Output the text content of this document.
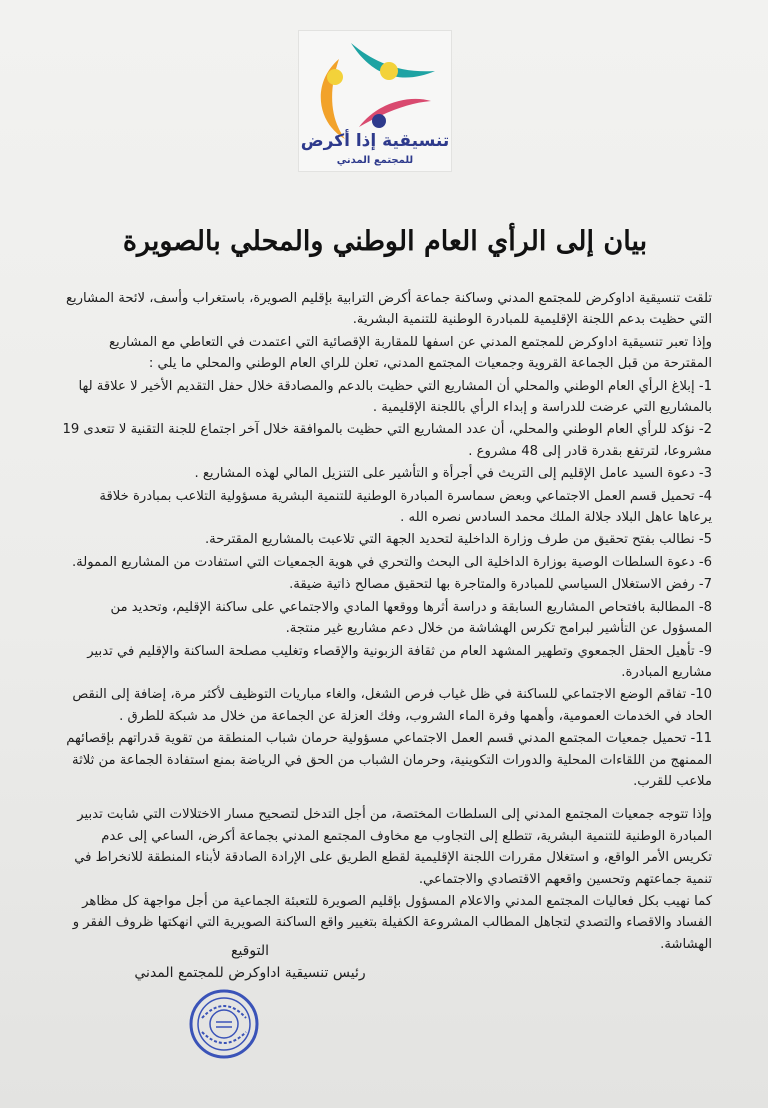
تنسيقية إذا أكرض
للمجتمع المدني
بيان إلى الرأي العام الوطني والمحلي بالصويرة

تلقت تنسيقية اداوكرض للمجتمع المدني وساكنة جماعة أكرض الترابية بإقليم الصويرة، باستغراب وأسف، لائحة المشاريع التي حظيت بدعم اللجنة الإقليمية للمبادرة الوطنية للتنمية البشرية.

وإذا تعبر تنسيقية اداوكرض للمجتمع المدني عن اسفها للمقاربة الإقصائية التي اعتمدت في التعاطي مع المشاريع المقترحة من قبل الجماعة القروية وجمعيات المجتمع المدني، تعلن للراي العام الوطني والمحلي ما يلي :

1- إبلاغ الرأي العام الوطني والمحلي أن المشاريع التي حظيت بالدعم والمصادقة خلال حفل التقديم الأخير لا علاقة لها بالمشاريع التي عرضت للدراسة و إبداء الرأي باللجنة الإقليمية .

2- نؤكد للرأي العام الوطني والمحلي، أن عدد المشاريع التي حظيت بالموافقة خلال آخر اجتماع للجنة التقنية لا تتعدى 19 مشروعا، لترتفع بقدرة قادر إلى 48 مشروع .

3- دعوة السيد عامل الإقليم إلى التريث في أجرأة و التأشير على التنزيل المالي لهذه المشاريع .

4- تحميل قسم العمل الاجتماعي وبعض سماسرة المبادرة الوطنية للتنمية البشرية مسؤولية التلاعب بمبادرة خلاقة يرعاها عاهل البلاد جلالة الملك محمد السادس نصره الله .

5- نطالب بفتح تحقيق من طرف وزارة الداخلية لتحديد الجهة التي تلاعبت بالمشاريع المقترحة.

6- دعوة السلطات الوصية بوزارة الداخلية الى البحث والتحري في هوية الجمعيات التي استفادت من المشاريع الممولة.

7- رفض الاستغلال السياسي للمبادرة والمتاجرة بها لتحقيق مصالح ذاتية ضيقة.

8- المطالبة بافتحاص المشاريع السابقة و دراسة أثرها ووقعها المادي والاجتماعي على ساكنة الإقليم، وتحديد من المسؤول عن التأشير لبرامج تكرس الهشاشة من خلال دعم مشاريع غير منتجة.

9- تأهيل الحقل الجمعوي وتطهير المشهد العام من ثقافة الزبونية والإقصاء وتغليب مصلحة الساكنة والإقليم في تدبير مشاريع المبادرة.

10- تفاقم الوضع الاجتماعي للساكنة في ظل غياب فرص الشغل، والغاء مباريات التوظيف لأكثر مرة، إضافة إلى النقص الحاد في الخدمات العمومية، وأهمها وفرة الماء الشروب، وفك العزلة عن الجماعة من خلال مد شبكة للطرق .

11- تحميل جمعيات المجتمع المدني قسم العمل الاجتماعي مسؤولية حرمان شباب المنطقة من تقوية قدراتهم بإقصائهم الممنهج من اللقاءات المحلية والدورات التكوينية، وحرمان الشباب من الحق في الرياضة بمنع استفادة الجماعة من ثلاثة ملاعب للقرب.

وإذا تتوجه جمعيات المجتمع المدني إلى السلطات المختصة، من أجل التدخل لتصحيح مسار الاختلالات التي شابت تدبير المبادرة الوطنية للتنمية البشرية، تتطلع إلى التجاوب مع مخاوف المجتمع المدني بجماعة أكرض، الساعي إلى عدم تكريس الأمر الواقع، و استغلال مقررات اللجنة الإقليمية لقطع الطريق على الإرادة الصادقة لأبناء المنطقة للانخراط في تنمية جماعتهم وتحسين واقعهم الاقتصادي والاجتماعي.

كما نهيب بكل فعاليات المجتمع المدني والاعلام المسؤول بإقليم الصويرة للتعبئة الجماعية من أجل مواجهة كل مظاهر الفساد والاقصاء والتصدي لتجاهل المطالب المشروعة الكفيلة بتغيير واقع الساكنة الصويرية التي انهكتها ظروف الفقر و الهشاشة.

التوقيع
رئيس تنسيقية اداوكرض للمجتمع المدني
